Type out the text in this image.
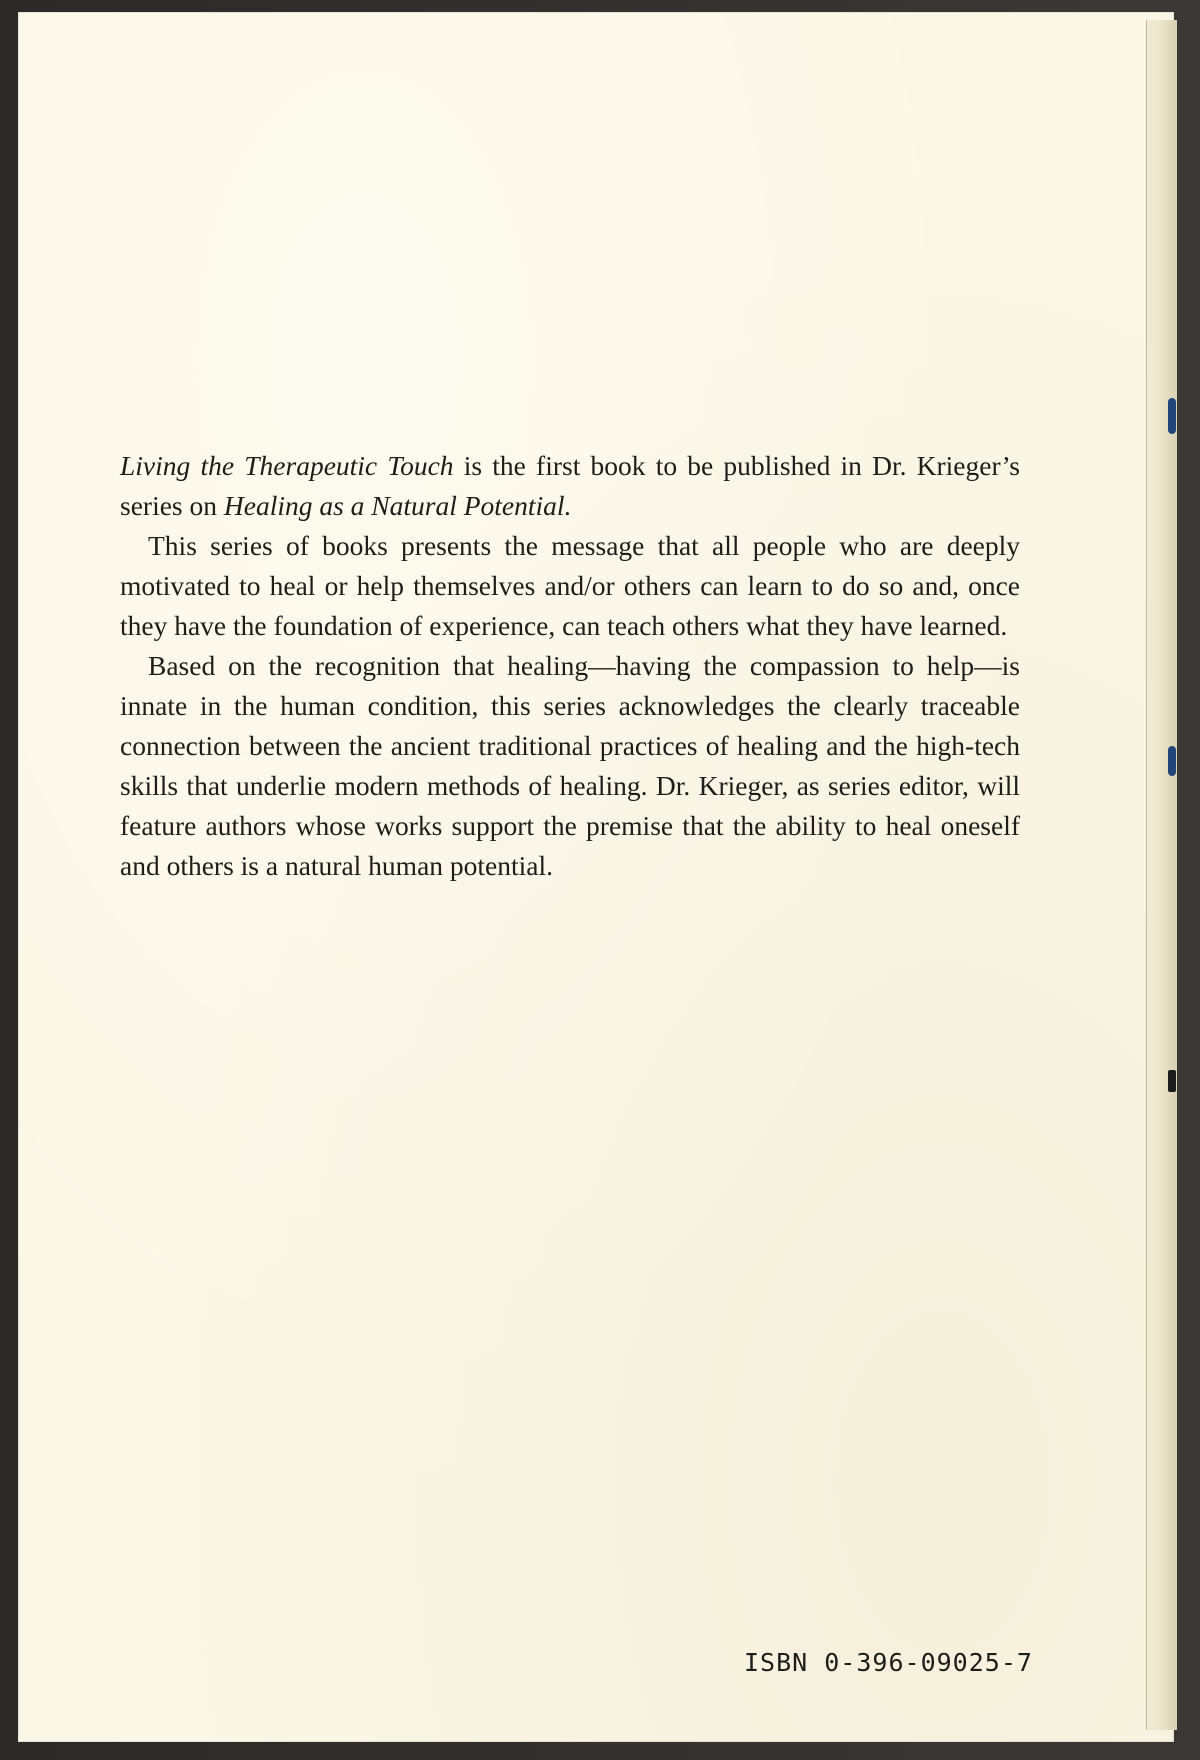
Living the Therapeutic Touch is the first book to be published in Dr. Krieger’s series on Healing as a Natural Potential.

This series of books presents the message that all people who are deeply motivated to heal or help themselves and/or others can learn to do so and, once they have the foundation of experience, can teach others what they have learned.

Based on the recognition that healing—having the compassion to help—is innate in the human condition, this series acknowledges the clearly traceable connection between the ancient traditional practices of healing and the high-tech skills that underlie modern methods of healing. Dr. Krieger, as series editor, will feature authors whose works support the premise that the ability to heal oneself and others is a natural human potential.

ISBN 0-396-09025-7
